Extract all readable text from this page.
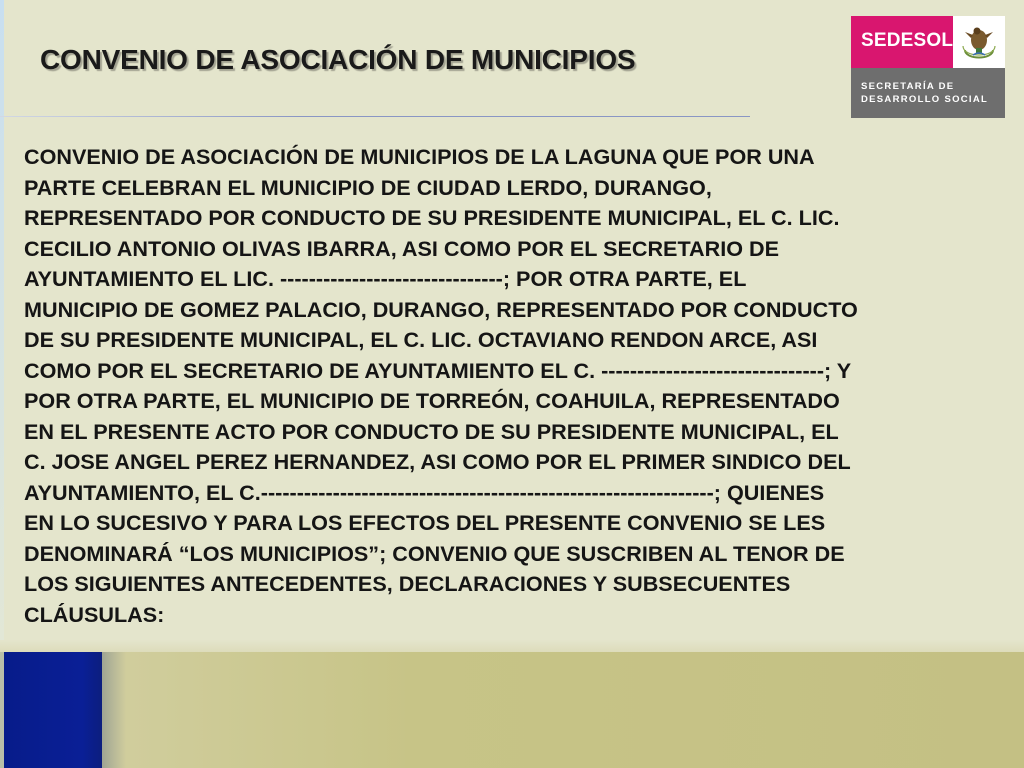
CONVENIO DE ASOCIACIÓN DE MUNICIPIOS
SEDESOL
SECRETARÍA DE
DESARROLLO SOCIAL
CONVENIO DE ASOCIACIÓN DE MUNICIPIOS DE LA LAGUNA QUE POR UNA
PARTE CELEBRAN EL MUNICIPIO DE CIUDAD LERDO, DURANGO,
REPRESENTADO POR CONDUCTO DE SU PRESIDENTE MUNICIPAL, EL C. LIC.
CECILIO ANTONIO OLIVAS IBARRA, ASI COMO POR EL SECRETARIO DE
AYUNTAMIENTO EL LIC. -------------------------------; POR OTRA PARTE, EL
MUNICIPIO DE GOMEZ PALACIO, DURANGO, REPRESENTADO POR CONDUCTO
DE SU PRESIDENTE MUNICIPAL, EL C. LIC. OCTAVIANO RENDON ARCE, ASI
COMO POR EL SECRETARIO DE AYUNTAMIENTO EL C. -------------------------------; Y
POR OTRA PARTE, EL MUNICIPIO DE TORREÓN, COAHUILA, REPRESENTADO
EN EL PRESENTE ACTO POR CONDUCTO DE SU PRESIDENTE MUNICIPAL, EL
C. JOSE ANGEL PEREZ HERNANDEZ, ASI COMO POR EL PRIMER SINDICO DEL
AYUNTAMIENTO, EL C.---------------------------------------------------------------; QUIENES
EN LO SUCESIVO Y PARA LOS EFECTOS DEL PRESENTE CONVENIO SE LES
DENOMINARÁ “LOS MUNICIPIOS”; CONVENIO QUE SUSCRIBEN AL TENOR DE
LOS SIGUIENTES ANTECEDENTES, DECLARACIONES Y SUBSECUENTES
CLÁUSULAS:
